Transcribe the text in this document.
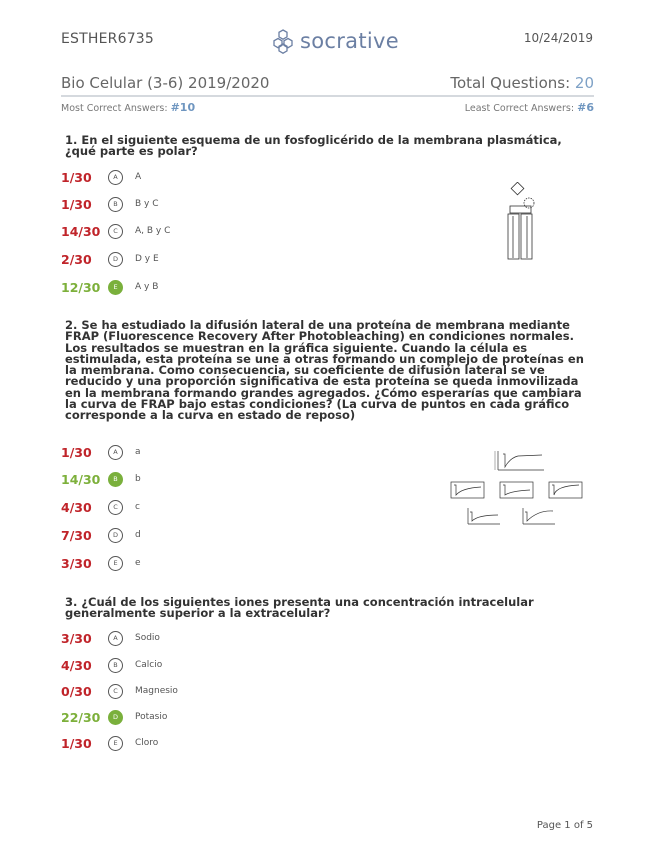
ESTHER6735	socrative	10/24/2019
Bio Celular (3-6) 2019/2020	Total Questions: 20
Most Correct Answers: #10	Least Correct Answers: #6
1. En el siguiente esquema de un fosfoglicérido de la membrana plasmática, ¿qué parte es polar?
1/30	A	A
1/30	B	B y C
14/30	C	A, B y C
2/30	D	D y E
12/30	E	A y B
2. Se ha estudiado la difusión lateral de una proteína de membrana mediante FRAP (Fluorescence Recovery After Photobleaching) en condiciones normales. Los resultados se muestran en la gráfica siguiente. Cuando la célula es estimulada, esta proteína se une a otras formando un complejo de proteínas en la membrana. Como consecuencia, su coeficiente de difusión lateral se ve reducido y una proporción significativa de esta proteína se queda inmovilizada en la membrana formando grandes agregados. ¿Cómo esperarías que cambiara la curva de FRAP bajo estas condiciones? (La curva de puntos en cada gráfico corresponde a la curva en estado de reposo)
1/30	A	a
14/30	B	b
4/30	C	c
7/30	D	d
3/30	E	e
3. ¿Cuál de los siguientes iones presenta una concentración intracelular generalmente superior a la extracelular?
3/30	A	Sodio
4/30	B	Calcio
0/30	C	Magnesio
22/30	D	Potasio
1/30	E	Cloro
Page 1 of 5
